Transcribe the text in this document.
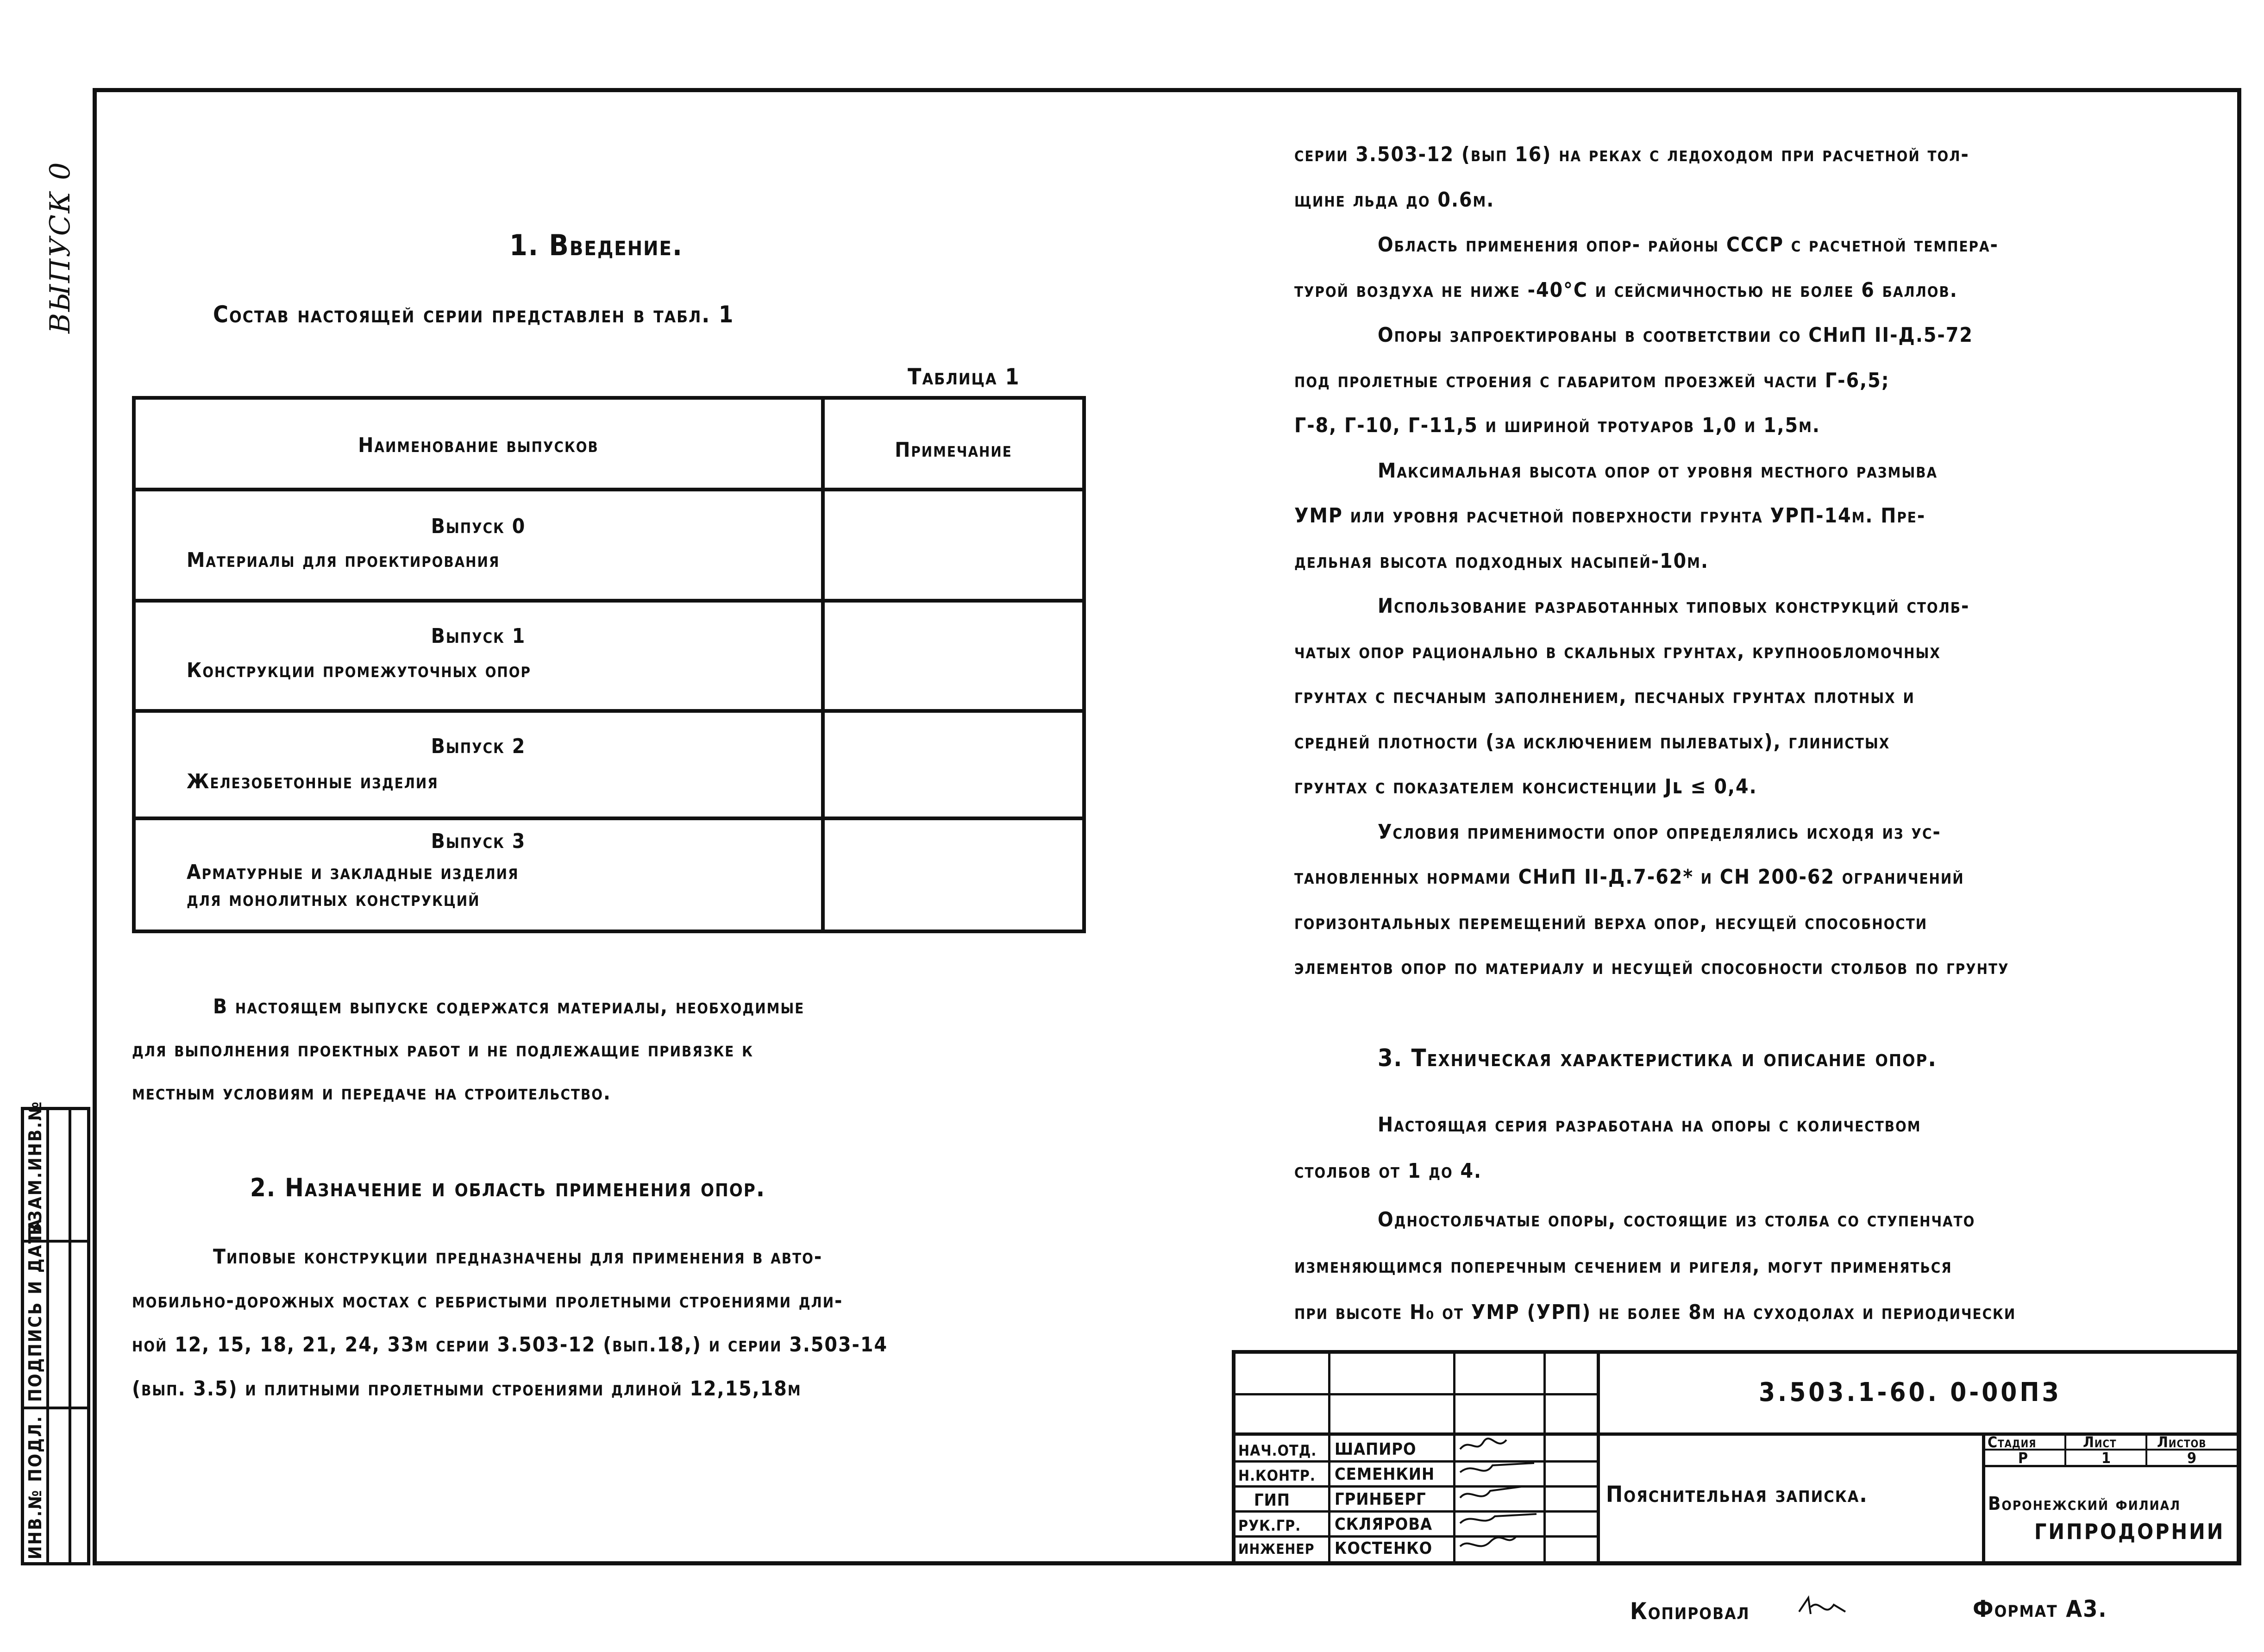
ИНВ.№ ПОДЛ.
ПОДПИСЬ И ДАТА
ВЗАМ.ИНВ.№
ВЫПУСК 0	1. Введение.
Состав настоящей серии представлен в табл. 1
Таблица 1
Наименование выпусков	Примечание
Выпуск 0
Материалы для проектирования
Выпуск 1
Конструкции промежуточных опор
Выпуск 2
Железобетонные изделия
Выпуск 3
Арматурные и закладные изделия
для монолитных конструкций
В настоящем выпуске содержатся материалы, необходимые
для выполнения проектных работ и не подлежащие привязке к
местным условиям и передаче на строительство.
2. Назначение и область применения опор.
Типовые конструкции предназначены для применения в авто-
мобильно-дорожных мостах с ребристыми пролетными строениями дли-
ной 12, 15, 18, 21, 24, 33м серии 3.503-12 (вып.18,) и серии 3.503-14
(вып. 3.5) и плитными пролетными строениями длиной 12,15,18м
серии 3.503-12 (вып 16) на реках с ледоходом при расчетной тол-
щине льда до 0.6м.
Область применения опор- районы СССР с расчетной темпера-
турой воздуха не ниже -40°С и сейсмичностью не более 6 баллов.
Опоры запроектированы в соответствии со СНиП II-Д.5-72
под пролетные строения с габаритом проезжей части Г-6,5;
Г-8, Г-10, Г-11,5 и шириной тротуаров 1,0 и 1,5м.
Максимальная высота опор от уровня местного размыва
УМР или уровня расчетной поверхности грунта УРП-14м. Пре-
дельная высота подходных насыпей-10м.
Использование разработанных типовых конструкций столб-
чатых опор рационально в скальных грунтах, крупнообломочных
грунтах с песчаным заполнением, песчаных грунтах плотных и
средней плотности (за исключением пылеватых), глинистых
грунтах с показателем консистенции Jʟ ≤ 0,4.
Условия применимости опор определялись исходя из ус-
тановленных нормами СНиП II-Д.7-62* и СН 200-62 ограничений
горизонтальных перемещений верха опор, несущей способности
элементов опор по материалу и несущей способности столбов по грунту
3. Техническая характеристика и описание опор.
Настоящая серия разработана на опоры с количеством
столбов от 1 до 4.
Одностолбчатые опоры, состоящие из столба со ступенчато
изменяющимся поперечным сечением и ригеля, могут применяться
при высоте Н₀ от УМР (УРП) не более 8м на суходолах и периодически
3.503.1-60. 0-00ПЗ
Пояснительная записка.
Стадия	Лист	Листов
Р	1	9
Воронежский филиал
ГИПРОДОРНИИ
НАЧ.ОТД. ШАПИРО
Н.КОНТР. СЕМЕНКИН
ГИП	ГРИНБЕРГ
РУК.ГР. СКЛЯРОВА
ИНЖЕНЕР КОСТЕНКО
Копировал	Формат А3.
